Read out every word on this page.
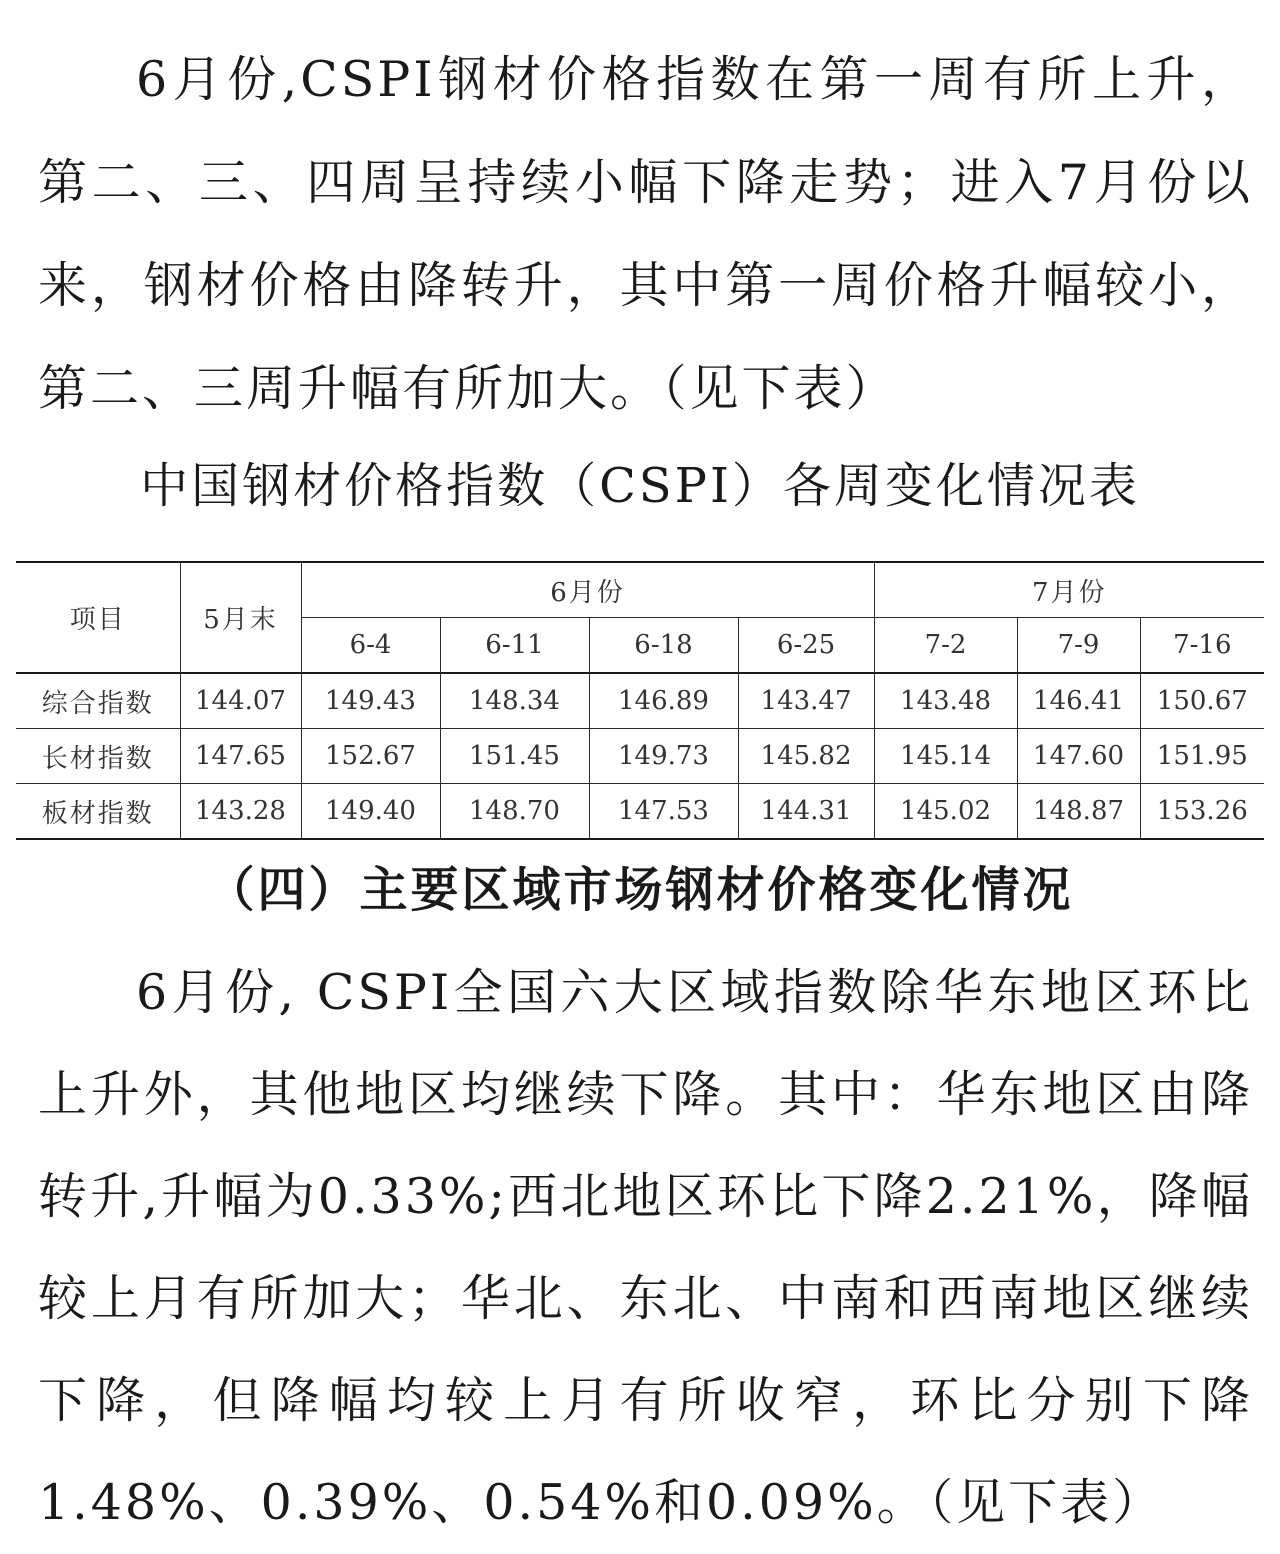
6月份,CSPI钢材价格指数在第一周有所上升，第二、三、四周呈持续小幅下降走势；进入7月份以来，钢材价格由降转升，其中第一周价格升幅较小，第二、三周升幅有所加大。（见下表）

中国钢材价格指数（CSPI）各周变化情况表

项目	5月末	6月份				7月份		
		6-4	6-11	6-18	6-25	7-2	7-9	7-16
综合指数	144.07	149.43	148.34	146.89	143.47	143.48	146.41	150.67
长材指数	147.65	152.67	151.45	149.73	145.82	145.14	147.60	151.95
板材指数	143.28	149.40	148.70	147.53	144.31	145.02	148.87	153.26

（四）主要区域市场钢材价格变化情况

6月份, CSPI全国六大区域指数除华东地区环比上升外，其他地区均继续下降。其中：华东地区由降转升,升幅为0.33%;西北地区环比下降2.21%，降幅较上月有所加大；华北、东北、中南和西南地区继续下降，但降幅均较上月有所收窄，环比分别下降1.48%、0.39%、0.54%和0.09%。（见下表）
